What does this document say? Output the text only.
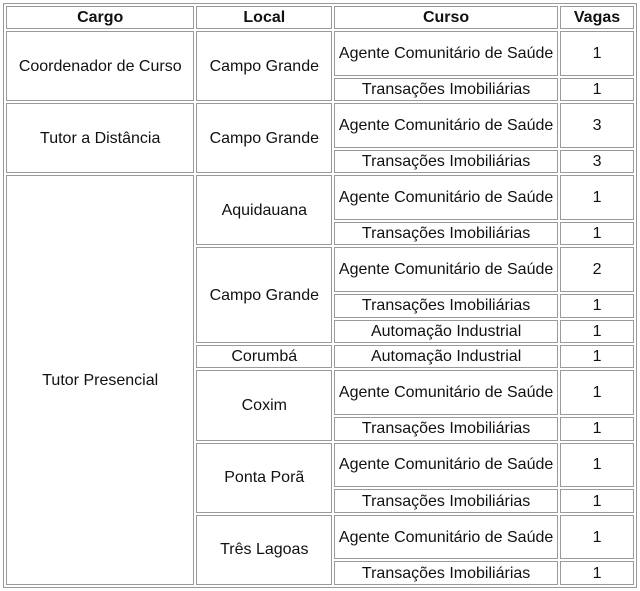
Cargo	Local	Curso	Vagas
Coordenador de Curso	Campo Grande	Agente Comunitário de Saúde	1
		Transações Imobiliárias	1
Tutor a Distância	Campo Grande	Agente Comunitário de Saúde	3
		Transações Imobiliárias	3
Tutor Presencial	Aquidauana	Agente Comunitário de Saúde	1
		Transações Imobiliárias	1
	Campo Grande	Agente Comunitário de Saúde	2
		Transações Imobiliárias	1
		Automação Industrial	1
	Corumbá	Automação Industrial	1
	Coxim	Agente Comunitário de Saúde	1
		Transações Imobiliárias	1
	Ponta Porã	Agente Comunitário de Saúde	1
		Transações Imobiliárias	1
	Três Lagoas	Agente Comunitário de Saúde	1
		Transações Imobiliárias	1
